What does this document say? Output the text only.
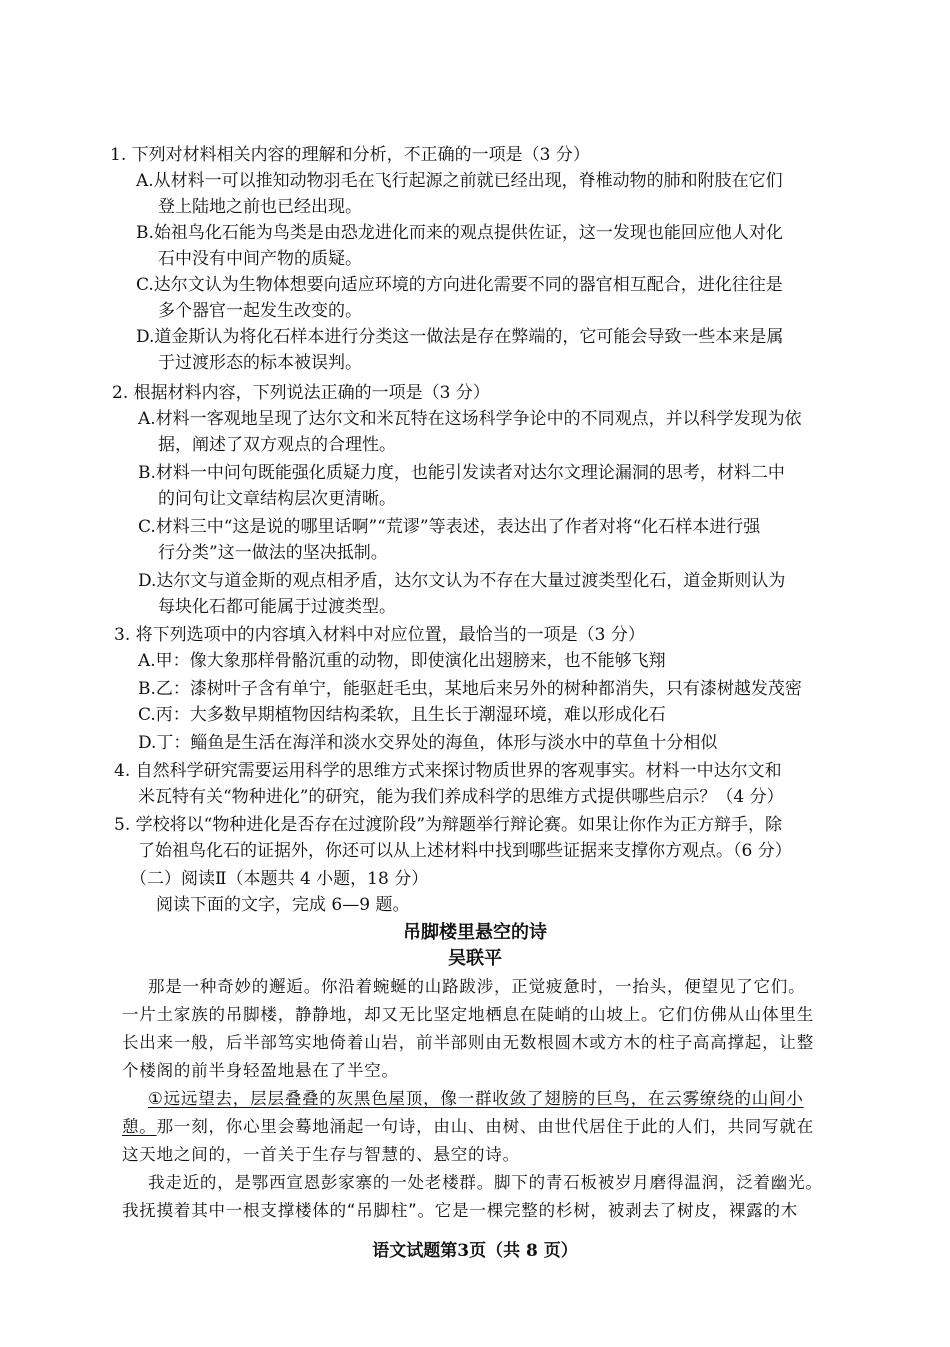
1. 下列对材料相关内容的理解和分析，不正确的一项是（3 分）
A.从材料一可以推知动物羽毛在飞行起源之前就已经出现，脊椎动物的肺和附肢在它们
登上陆地之前也已经出现。
B.始祖鸟化石能为鸟类是由恐龙进化而来的观点提供佐证，这一发现也能回应他人对化
石中没有中间产物的质疑。
C.达尔文认为生物体想要向适应环境的方向进化需要不同的器官相互配合，进化往往是
多个器官一起发生改变的。
D.道金斯认为将化石样本进行分类这一做法是存在弊端的，它可能会导致一些本来是属
于过渡形态的标本被误判。
2. 根据材料内容，下列说法正确的一项是（3 分）
A.材料一客观地呈现了达尔文和米瓦特在这场科学争论中的不同观点，并以科学发现为依
据，阐述了双方观点的合理性。
B.材料一中问句既能强化质疑力度，也能引发读者对达尔文理论漏洞的思考，材料二中
的问句让文章结构层次更清晰。
C.材料三中“这是说的哪里话啊”“荒谬”等表述，表达出了作者对将“化石样本进行强
行分类”这一做法的坚决抵制。
D.达尔文与道金斯的观点相矛盾，达尔文认为不存在大量过渡类型化石，道金斯则认为
每块化石都可能属于过渡类型。
3. 将下列选项中的内容填入材料中对应位置，最恰当的一项是（3 分）
A.甲：像大象那样骨骼沉重的动物，即使演化出翅膀来，也不能够飞翔
B.乙：漆树叶子含有单宁，能驱赶毛虫，某地后来另外的树种都消失，只有漆树越发茂密
C.丙：大多数早期植物因结构柔软，且生长于潮湿环境，难以形成化石
D.丁：鲻鱼是生活在海洋和淡水交界处的海鱼，体形与淡水中的草鱼十分相似
4. 自然科学研究需要运用科学的思维方式来探讨物质世界的客观事实。材料一中达尔文和
米瓦特有关“物种进化”的研究，能为我们养成科学的思维方式提供哪些启示？（4 分）
5. 学校将以“物种进化是否存在过渡阶段”为辩题举行辩论赛。如果让你作为正方辩手，除
了始祖鸟化石的证据外，你还可以从上述材料中找到哪些证据来支撑你方观点。（6 分）
（二）阅读Ⅱ（本题共 4 小题，18 分）
阅读下面的文字，完成 6—9 题。
吊脚楼里悬空的诗
吴联平
那是一种奇妙的邂逅。你沿着蜿蜒的山路跋涉，正觉疲惫时，一抬头，便望见了它们。
一片土家族的吊脚楼，静静地，却又无比坚定地栖息在陡峭的山坡上。它们仿佛从山体里生
长出来一般，后半部笃实地倚着山岩，前半部则由无数根圆木或方木的柱子高高撑起，让整
个楼阁的前半身轻盈地悬在了半空。
①远远望去，层层叠叠的灰黑色屋顶，像一群收敛了翅膀的巨鸟，在云雾缭绕的山间小
憩。那一刻，你心里会蓦地涌起一句诗，由山、由树、由世代居住于此的人们，共同写就在
这天地之间的，一首关于生存与智慧的、悬空的诗。
我走近的，是鄂西宣恩彭家寨的一处老楼群。脚下的青石板被岁月磨得温润，泛着幽光。
我抚摸着其中一根支撑楼体的“吊脚柱”。它是一棵完整的杉树，被剥去了树皮，裸露的木
语文试题第3页（共 8 页）
